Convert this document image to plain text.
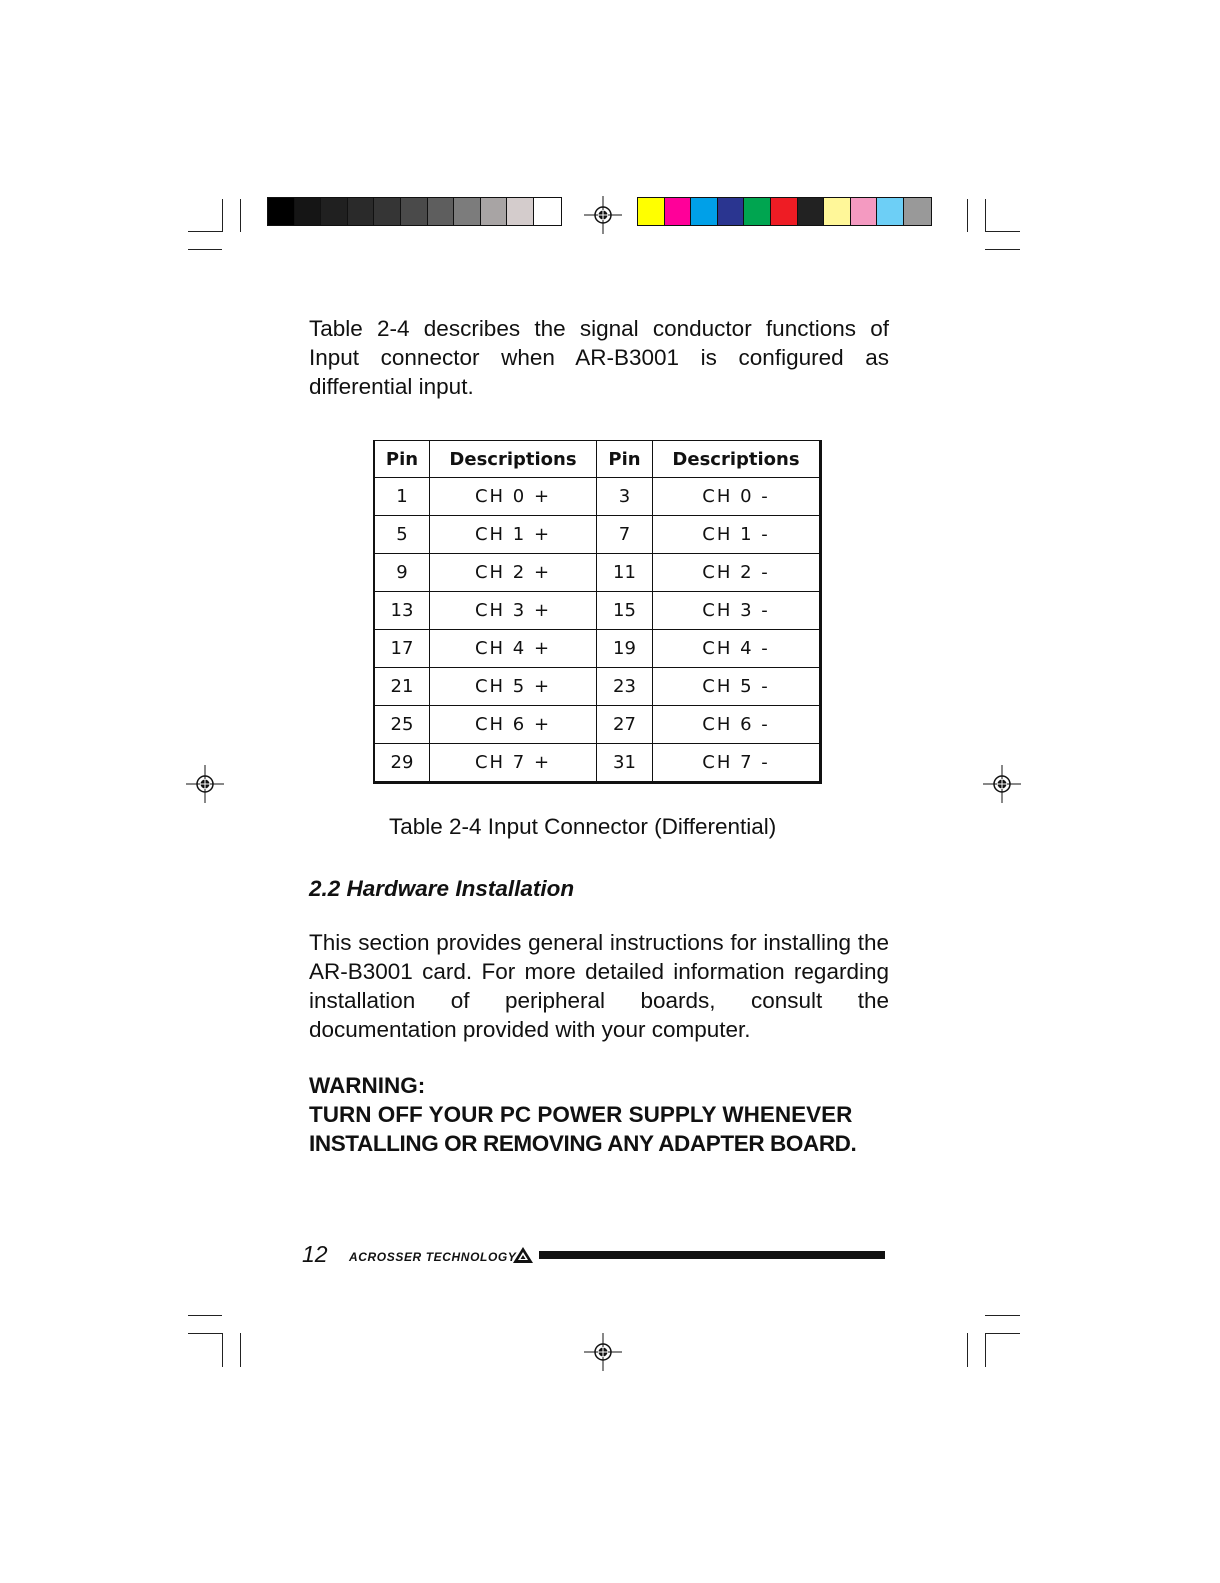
Table 2-4 describes the signal conductor functions of Input connector when AR-B3001 is configured as differential input.

Pin	Descriptions	Pin	Descriptions
1	CH 0 +	3	CH 0 -
5	CH 1 +	7	CH 1 -
9	CH 2 +	11	CH 2 -
13	CH 3 +	15	CH 3 -
17	CH 4 +	19	CH 4 -
21	CH 5 +	23	CH 5 -
25	CH 6 +	27	CH 6 -
29	CH 7 +	31	CH 7 -

Table 2-4 Input Connector (Differential)

2.2 Hardware Installation

This section provides general instructions for installing the AR-B3001 card. For more detailed information regarding installation of peripheral boards, consult the documentation provided with your computer.

WARNING:
TURN OFF YOUR PC POWER SUPPLY WHENEVER
INSTALLING OR REMOVING ANY ADAPTER BOARD.
12 ACROSSER TECHNOLOGY
